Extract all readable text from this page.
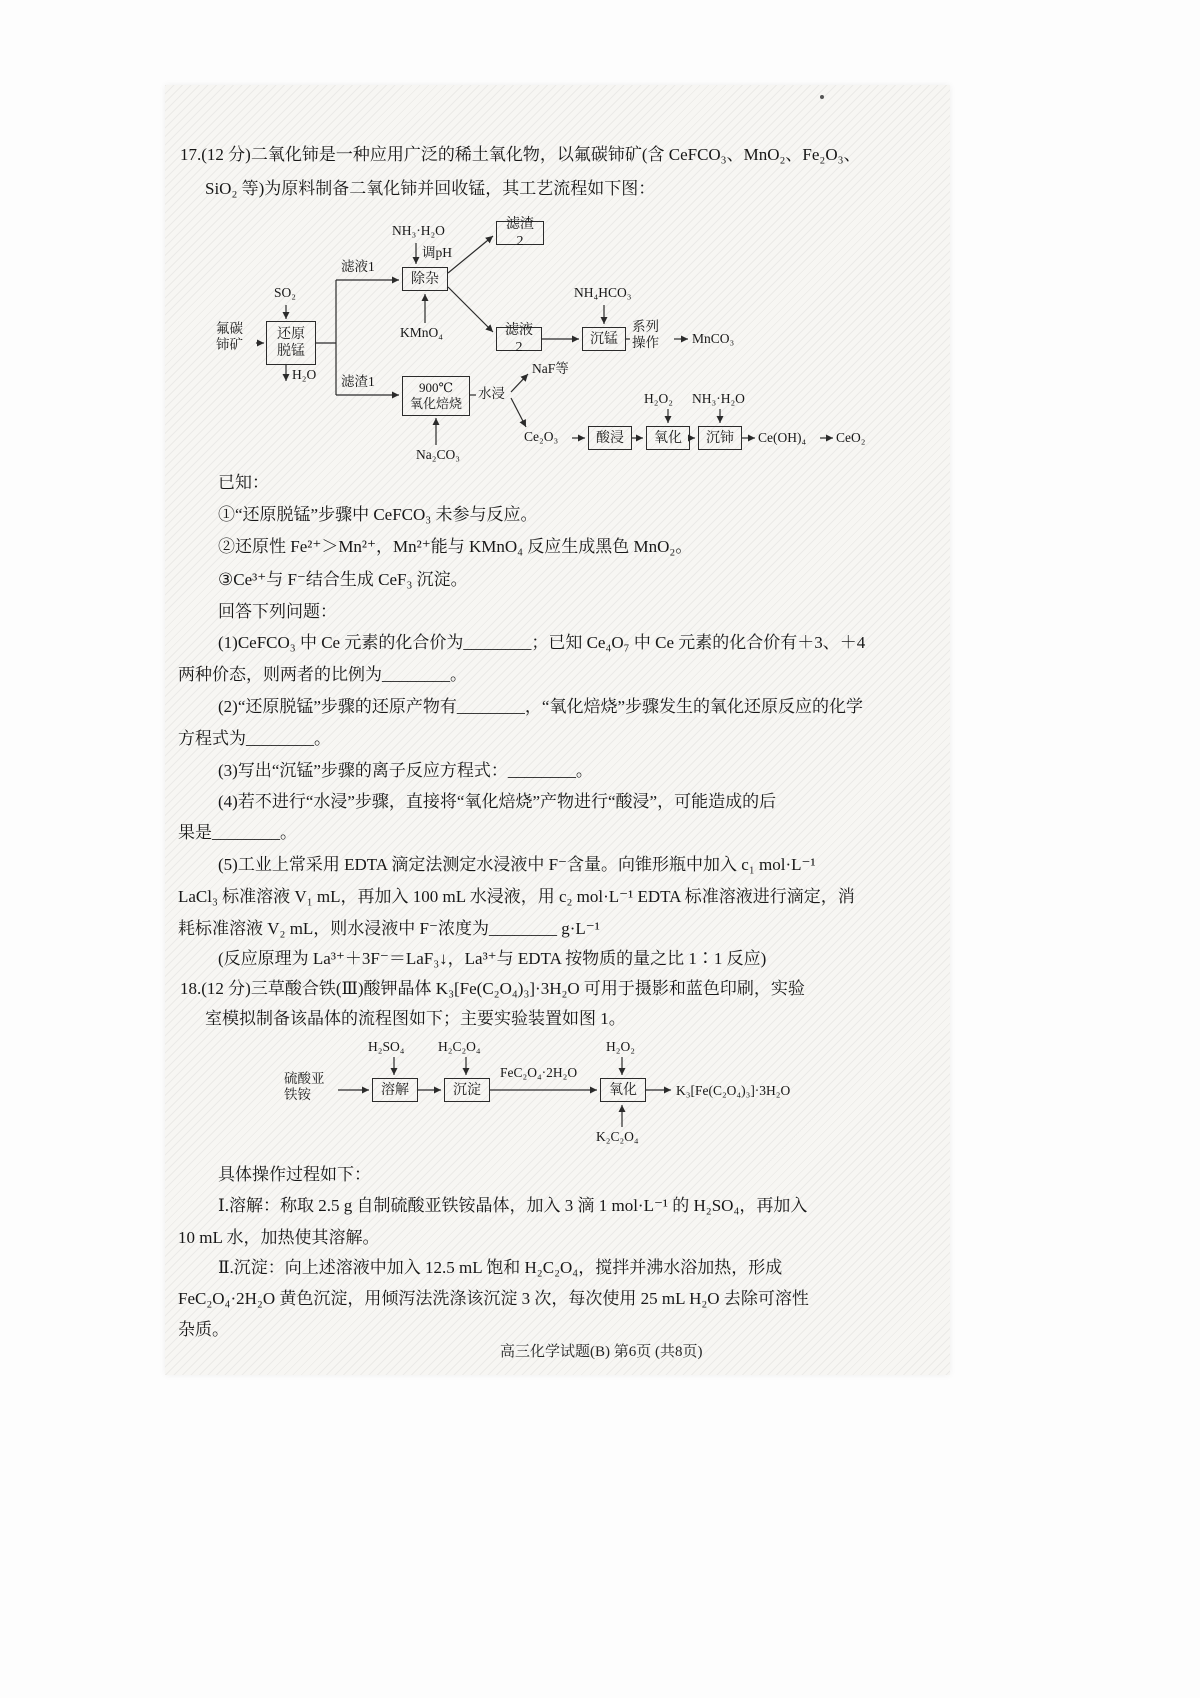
17.(12 分)二氧化铈是一种应用广泛的稀土氧化物，以氟碳铈矿(含 CeFCO₃、MnO₂、Fe₂O₃、
SiO₂ 等)为原料制备二氧化铈并回收锰，其工艺流程如下图：
氟碳铈矿
还原脱锰
SO₂
H₂O
滤液1
滤渣1
NH₃·H₂O
调pH
除杂
KMnO₄
滤渣2
滤液2
沉锰
NH₄HCO₃
系列操作	MnCO₃
900℃
氧化焙烧
Na₂CO₃
水浸
NaF等
Ce₂O₃	酸浸	氧化
H₂O₂ NH₃·H₂O
沉铈	Ce(OH)₄ CeO₂
已知：
①“还原脱锰”步骤中 CeFCO₃ 未参与反应。
②还原性 Fe²⁺＞Mn²⁺，Mn²⁺能与 KMnO₄ 反应生成黑色 MnO₂。
③Ce³⁺与 F⁻结合生成 CeF₃ 沉淀。
回答下列问题：
(1)CeFCO₃ 中 Ce 元素的化合价为________；已知 Ce₄O₇ 中 Ce 元素的化合价有＋3、＋4
两种价态，则两者的比例为________。
(2)“还原脱锰”步骤的还原产物有________，“氧化焙烧”步骤发生的氧化还原反应的化学
方程式为________。
(3)写出“沉锰”步骤的离子反应方程式：________。
(4)若不进行“水浸”步骤，直接将“氧化焙烧”产物进行“酸浸”，可能造成的后
果是________。
(5)工业上常采用 EDTA 滴定法测定水浸液中 F⁻含量。向锥形瓶中加入 c₁ mol·L⁻¹
LaCl₃ 标准溶液 V₁ mL，再加入 100 mL 水浸液，用 c₂ mol·L⁻¹ EDTA 标准溶液进行滴定，消
耗标准溶液 V₂ mL，则水浸液中 F⁻浓度为________ g·L⁻¹
(反应原理为 La³⁺＋3F⁻＝LaF₃↓，La³⁺与 EDTA 按物质的量之比 1∶1 反应)
18.(12 分)三草酸合铁(Ⅲ)酸钾晶体 K₃[Fe(C₂O₄)₃]·3H₂O 可用于摄影和蓝色印刷，实验
室模拟制备该晶体的流程图如下；主要实验装置如图 1。
硫酸亚铁铵
H₂SO₄
溶解
H₂C₂O₄
沉淀
FeC₂O₄·2H₂O
H₂O₂
氧化
K₂C₂O₄
K₃[Fe(C₂O₄)₃]·3H₂O
具体操作过程如下：
Ⅰ.溶解：称取 2.5 g 自制硫酸亚铁铵晶体，加入 3 滴 1 mol·L⁻¹ 的 H₂SO₄，再加入
10 mL 水，加热使其溶解。
Ⅱ.沉淀：向上述溶液中加入 12.5 mL 饱和 H₂C₂O₄，搅拌并沸水浴加热，形成
FeC₂O₄·2H₂O 黄色沉淀，用倾泻法洗涤该沉淀 3 次，每次使用 25 mL H₂O 去除可溶性
杂质。
高三化学试题(B) 第6页 (共8页)
